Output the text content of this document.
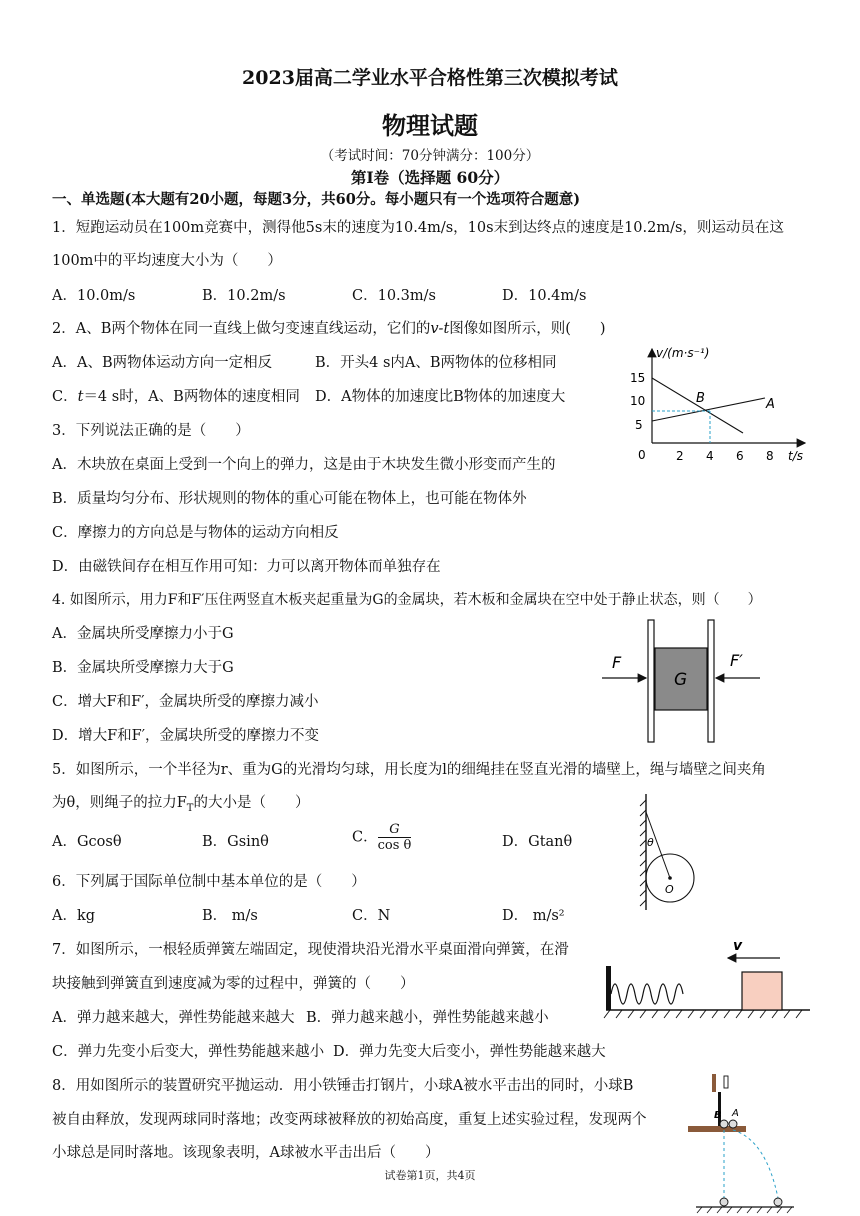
2023届高二学业水平合格性第三次模拟考试
物理试题
（考试时间：70分钟满分：100分）
第Ⅰ卷（选择题 60分）
一、单选题(本大题有20小题，每题3分，共60分。每小题只有一个选项符合题意)
1．短跑运动员在100m竞赛中，测得他5s末的速度为10.4m/s，10s末到达终点的速度是10.2m/s，则运动员在这
100m中的平均速度大小为（　　）
A．10.0m/s	B．10.2m/s	C．10.3m/s	D．10.4m/s
2．A、B两个物体在同一直线上做匀变速直线运动，它们的v-t图像如图所示，则(　　)
A．A、B两物体运动方向一定相反	B．开头4 s内A、B两物体的位移相同
C．t＝4 s时，A、B两物体的速度相同 D．A物体的加速度比B物体的加速度大
v/(m·s⁻¹)
t/s
0
5
10
15
2 4 6 8
B	A
3．下列说法正确的是（　　）
A．木块放在桌面上受到一个向上的弹力，这是由于木块发生微小形变而产生的
B．质量均匀分布、形状规则的物体的重心可能在物体上，也可能在物体外
C．摩擦力的方向总是与物体的运动方向相反
D．由磁铁间存在相互作用可知：力可以离开物体而单独存在
4. 如图所示，用力F和F′压住两竖直木板夹起重量为G的金属块，若木板和金属块在空中处于静止状态，则（　　）
A．金属块所受摩擦力小于G
B．金属块所受摩擦力大于G
C．增大F和F′，金属块所受的摩擦力减小
D．增大F和F′，金属块所受的摩擦力不变
G
F	F′
5．如图所示，一个半径为r、重为G的光滑均匀球，用长度为l的细绳挂在竖直光滑的墙壁上，绳与墙壁之间夹角
为θ，则绳子的拉力$F_T$的大小是（　　）
A．Gcosθ	B．Gsinθ	C． $\frac{G}{\text{cos θ}}$	D．Gtanθ	θ
O
6．下列属于国际单位制中基本单位的是（　　）
A．kg	B． m/s	C．N	D． m/s²
7．如图所示，一根轻质弹簧左端固定，现使滑块沿光滑水平桌面滑向弹簧，在滑
块接触到弹簧直到速度减为零的过程中，弹簧的（　　）
A．弹力越来越大，弹性势能越来越大 B．弹力越来越小，弹性势能越来越小
C．弹力先变小后变大，弹性势能越来越小 D．弹力先变大后变小，弹性势能越来越大
v
8．用如图所示的装置研究平抛运动．用小铁锤击打钢片，小球A被水平击出的同时，小球B
被自由释放，发现两球同时落地；改变两球被释放的初始高度，重复上述实验过程，发现两个
小球总是同时落地。该现象表明，A球被水平击出后（　　）
B A
试卷第1页，共4页
